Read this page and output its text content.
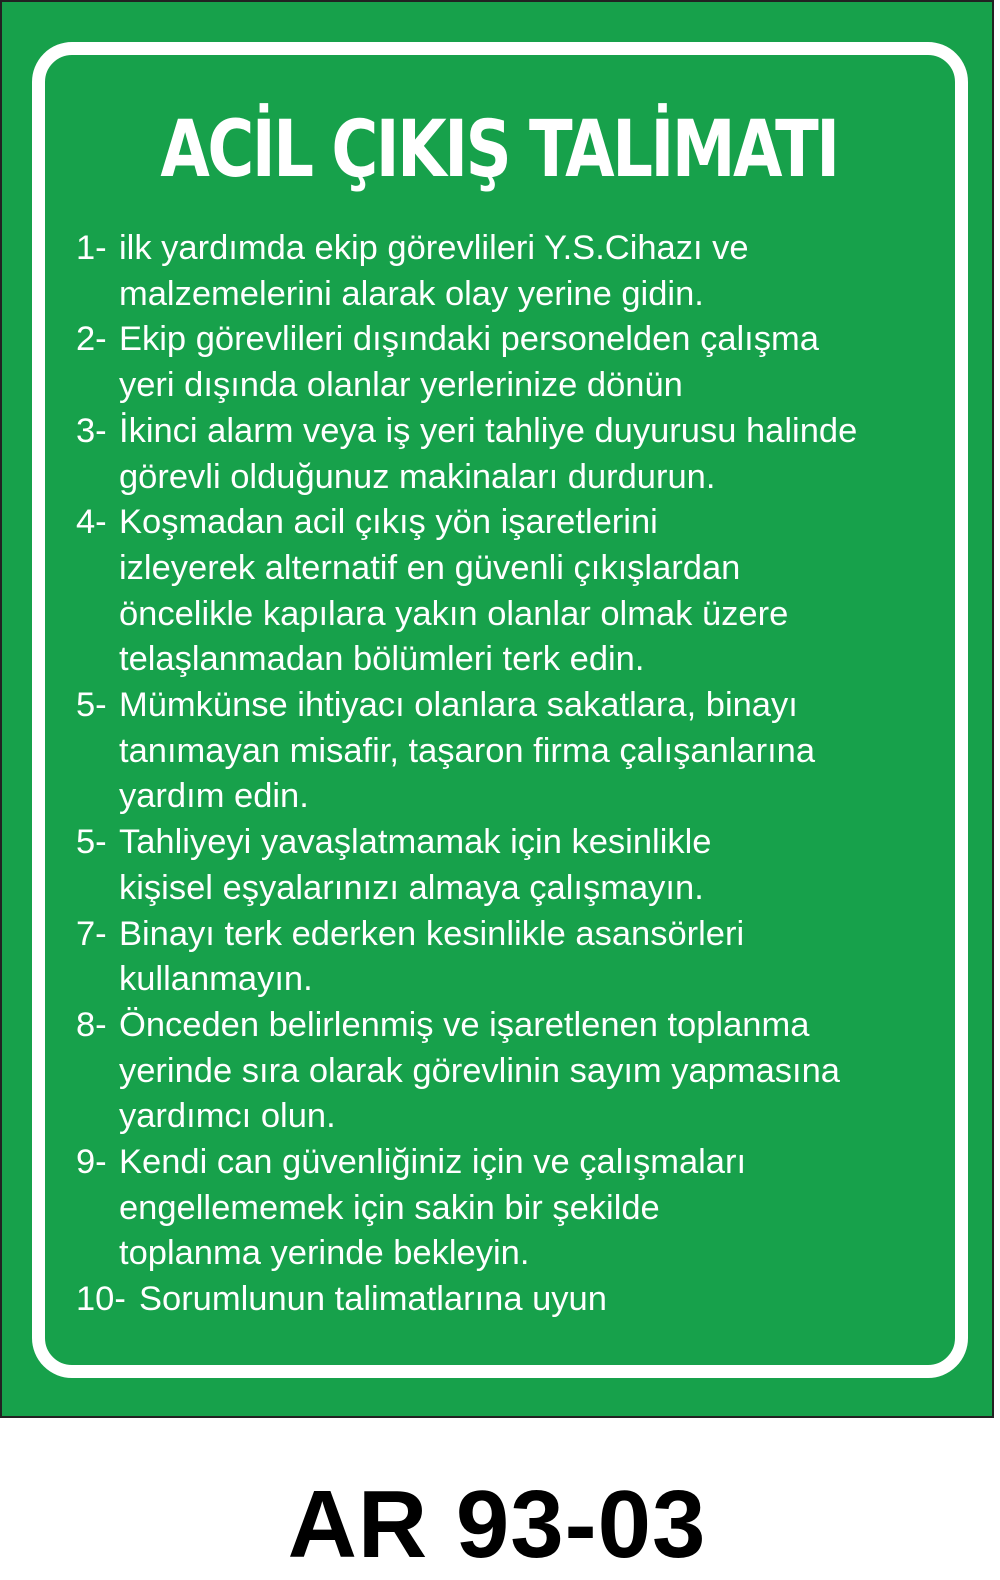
ACİL ÇIKIŞ TALİMATI
1- ilk yardımda ekip görevlileri Y.S.Cihazı ve
malzemelerini alarak olay yerine gidin.
2- Ekip görevlileri dışındaki personelden çalışma
yeri dışında olanlar yerlerinize dönün
3- İkinci alarm veya iş yeri tahliye duyurusu halinde
görevli olduğunuz makinaları durdurun.
4- Koşmadan acil çıkış yön işaretlerini
izleyerek alternatif en güvenli çıkışlardan
öncelikle kapılara yakın olanlar olmak üzere
telaşlanmadan bölümleri terk edin.
5- Mümkünse ihtiyacı olanlara sakatlara, binayı
tanımayan misafir, taşaron firma çalışanlarına
yardım edin.
5- Tahliyeyi yavaşlatmamak için kesinlikle
kişisel eşyalarınızı almaya çalışmayın.
7- Binayı terk ederken kesinlikle asansörleri
kullanmayın.
8- Önceden belirlenmiş ve işaretlenen toplanma
yerinde sıra olarak görevlinin sayım yapmasına
yardımcı olun.
9- Kendi can güvenliğiniz için ve çalışmaları
engellememek için sakin bir şekilde
toplanma yerinde bekleyin.
10- Sorumlunun talimatlarına uyun
AR 93-03
